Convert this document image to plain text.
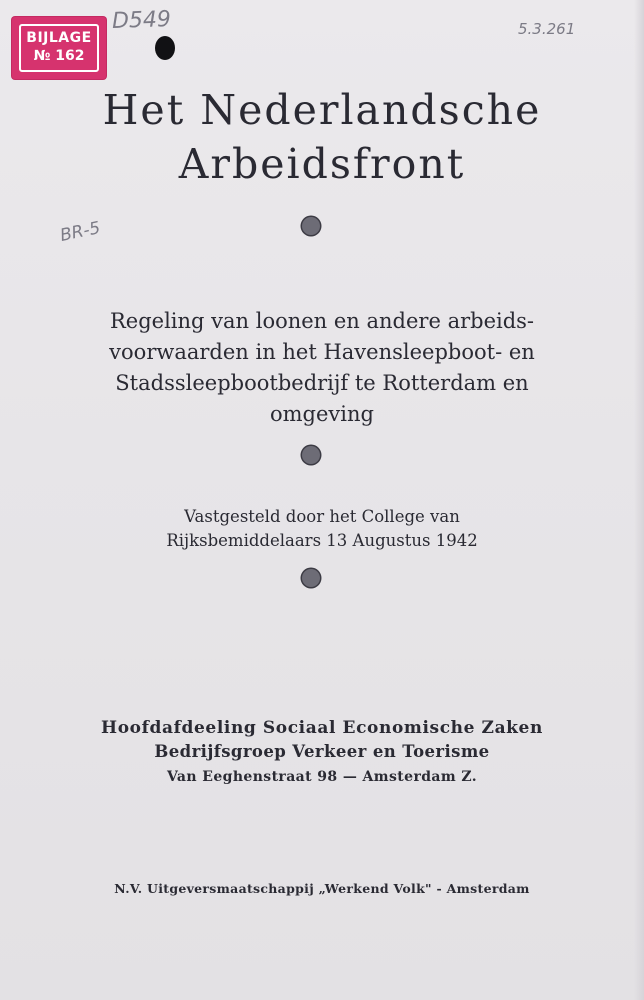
BIJLAGE
№ 162
D549	5.3.261
BR-5
Het Nederlandsche
Arbeidsfront
Regeling van loonen en andere arbeids-
voorwaarden in het Havensleepboot- en
Stadssleepbootbedrijf te Rotterdam en
omgeving
Vastgesteld door het College van
Rijksbemiddelaars 13 Augustus 1942
Hoofdafdeeling Sociaal Economische Zaken
Bedrijfsgroep Verkeer en Toerisme
Van Eeghenstraat 98 — Amsterdam Z.
N.V. Uitgeversmaatschappij „Werkend Volk" - Amsterdam
